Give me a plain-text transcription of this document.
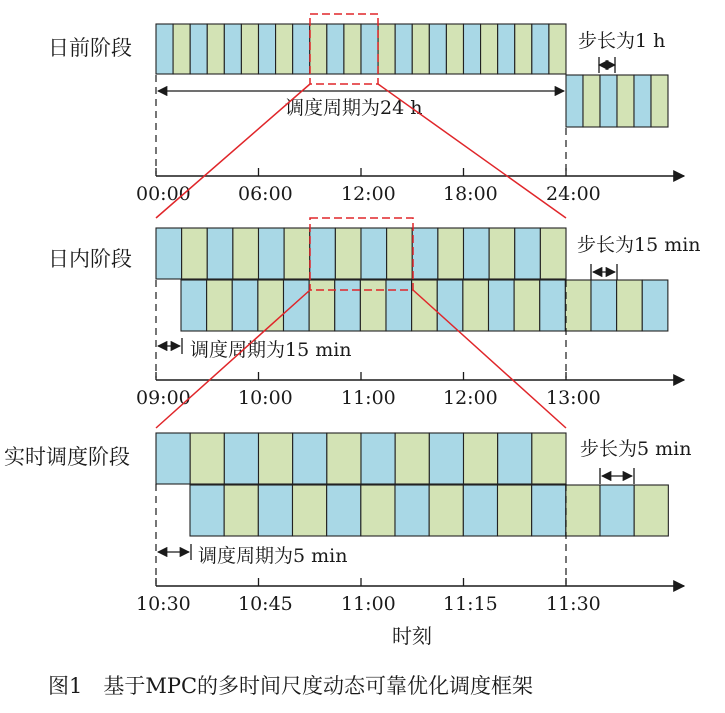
日前阶段
日内阶段
实时调度阶段
00:00 06:00	12:00 18:00	24:00
09:00 10:00	11:00 12:00	13:00
10:30 10:45	11:00 11:15	11:30
调度周期为24 h
步长为1 h
调度周期为15 min
步长为15 min
调度周期为5 min
步长为5 min
时刻
图1　基于MPC的多时间尺度动态可靠优化调度框架
